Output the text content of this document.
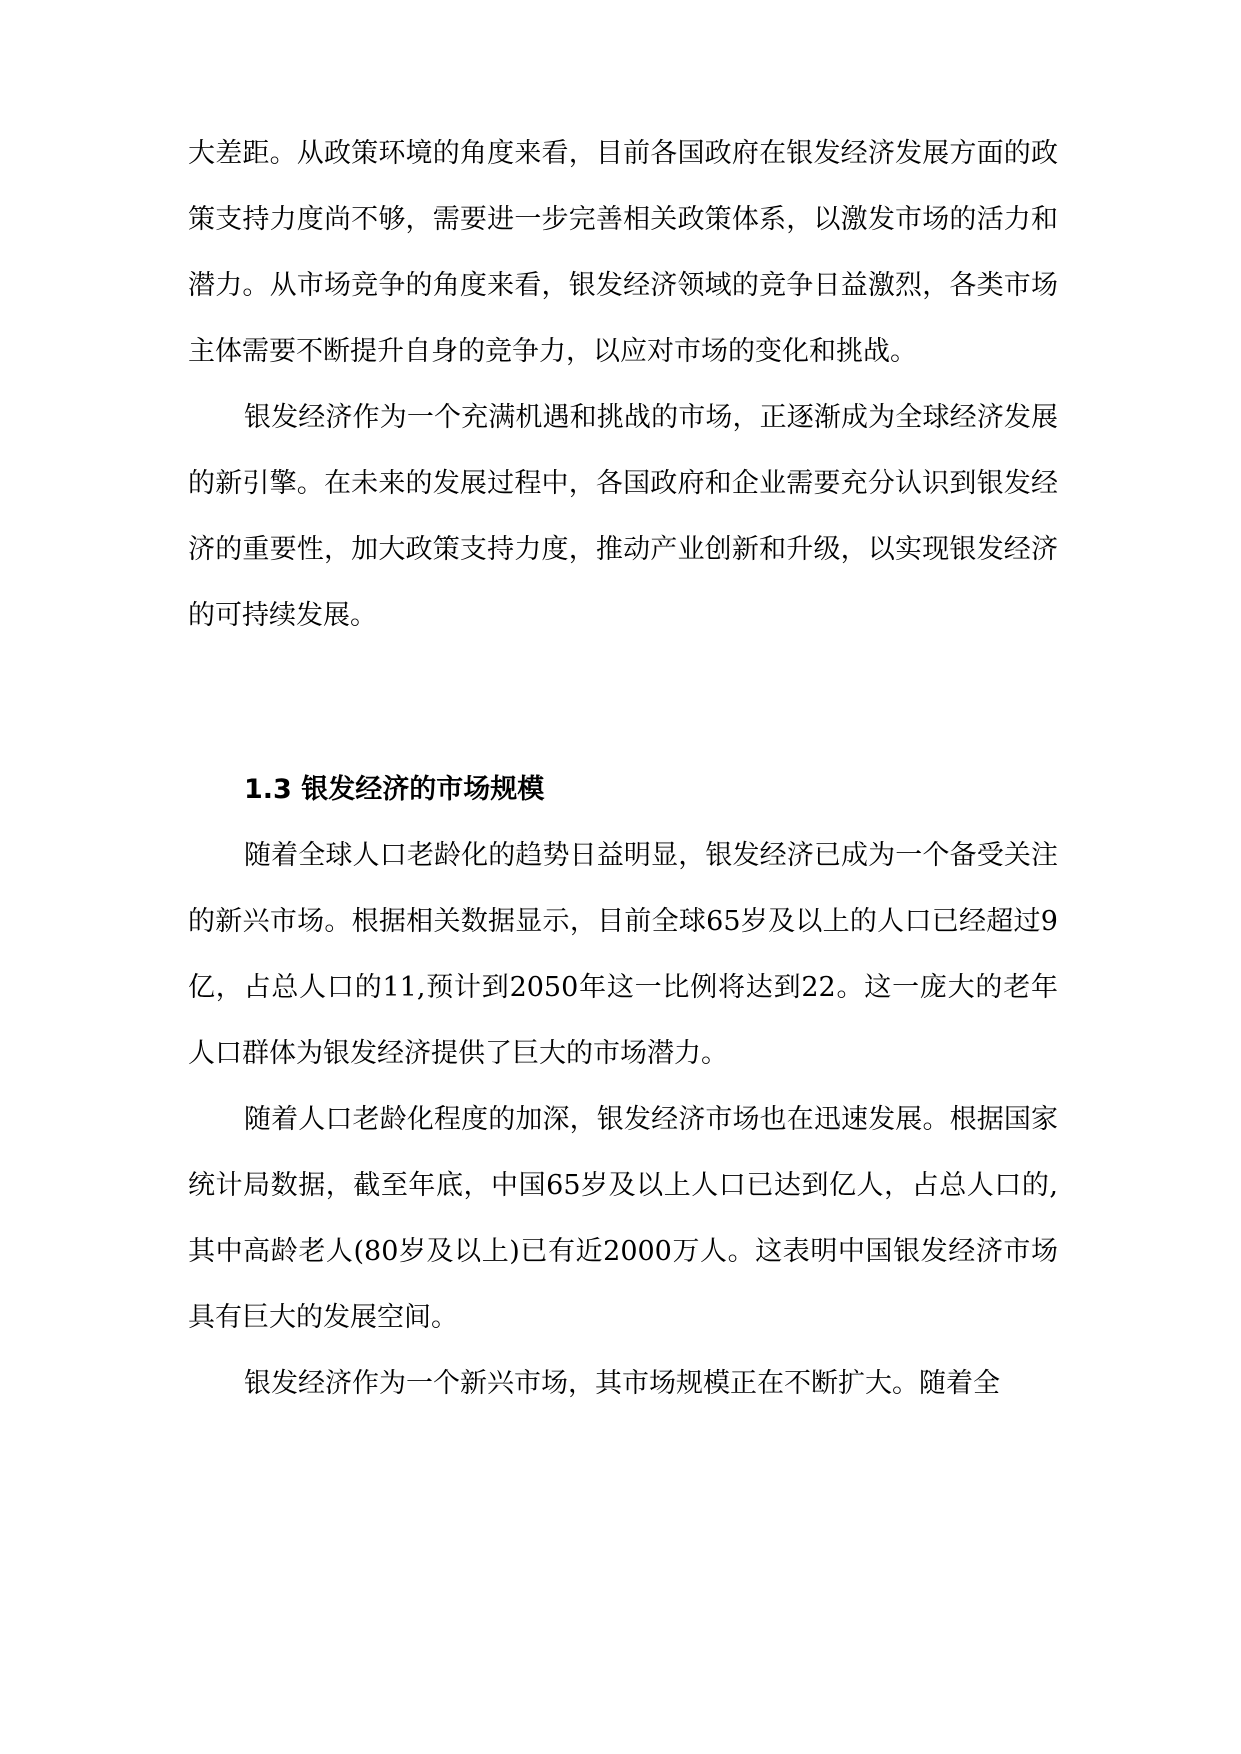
大差距。从政策环境的角度来看，目前各国政府在银发经济发展方面的政策支持力度尚不够，需要进一步完善相关政策体系，以激发市场的活力和潜力。从市场竞争的角度来看，银发经济领域的竞争日益激烈，各类市场主体需要不断提升自身的竞争力，以应对市场的变化和挑战。

银发经济作为一个充满机遇和挑战的市场，正逐渐成为全球经济发展的新引擎。在未来的发展过程中，各国政府和企业需要充分认识到银发经济的重要性，加大政策支持力度，推动产业创新和升级，以实现银发经济的可持续发展。

1.3 银发经济的市场规模

随着全球人口老龄化的趋势日益明显，银发经济已成为一个备受关注的新兴市场。根据相关数据显示，目前全球65岁及以上的人口已经超过9亿，占总人口的11,预计到2050年这一比例将达到22。这一庞大的老年人口群体为银发经济提供了巨大的市场潜力。

随着人口老龄化程度的加深，银发经济市场也在迅速发展。根据国家统计局数据，截至年底，中国65岁及以上人口已达到亿人，占总人口的,其中高龄老人(80岁及以上)已有近2000万人。这表明中国银发经济市场具有巨大的发展空间。

银发经济作为一个新兴市场，其市场规模正在不断扩大。随着全
